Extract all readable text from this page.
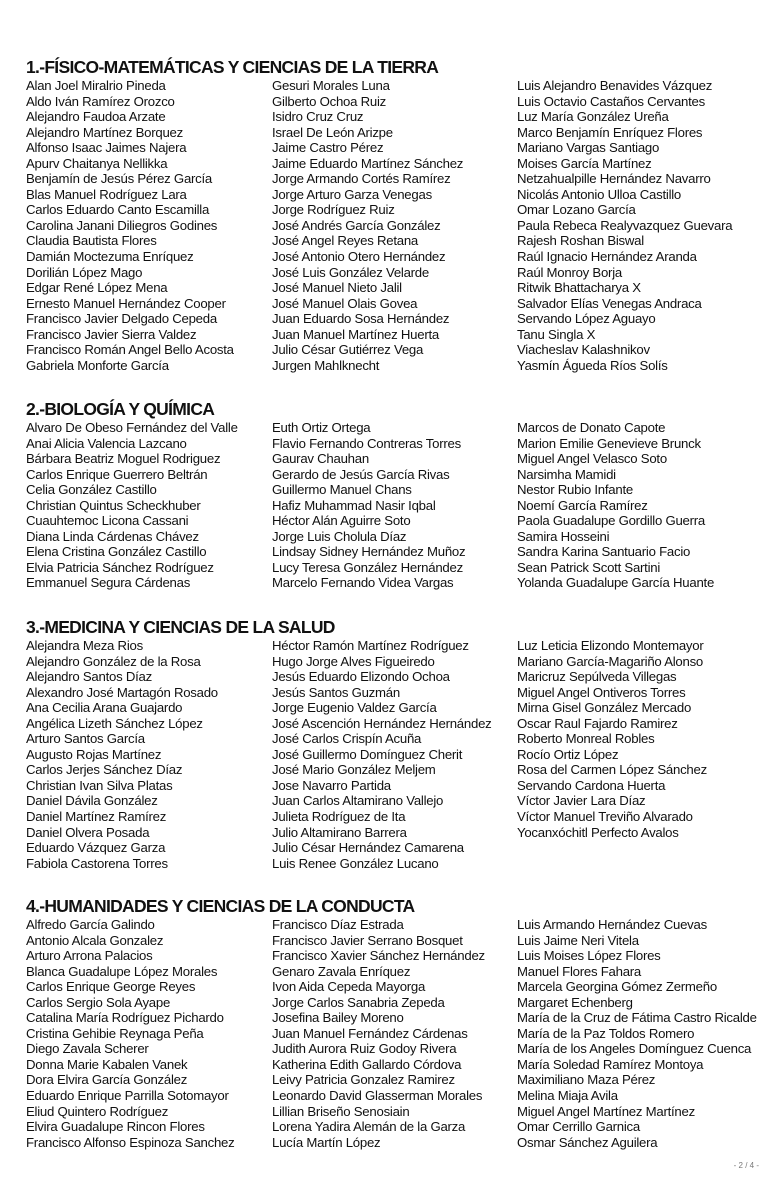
1.-FÍSICO-MATEMÁTICAS Y CIENCIAS DE LA TIERRA
Alan Joel Miralrio Pineda
Aldo Iván Ramírez Orozco
Alejandro Faudoa Arzate
Alejandro Martínez Borquez
Alfonso Isaac Jaimes Najera
Apurv Chaitanya Nellikka
Benjamín de Jesús Pérez García
Blas Manuel Rodríguez Lara
Carlos Eduardo Canto Escamilla
Carolina Janani Diliegros Godines
Claudia Bautista Flores
Damián Moctezuma Enríquez
Dorilián López Mago
Edgar René López Mena
Ernesto Manuel Hernández Cooper
Francisco Javier Delgado Cepeda
Francisco Javier Sierra Valdez
Francisco Román Angel Bello Acosta
Gabriela Monforte García
Gesuri Morales Luna
Gilberto Ochoa Ruiz
Isidro Cruz Cruz
Israel De León Arizpe
Jaime Castro Pérez
Jaime Eduardo Martínez Sánchez
Jorge Armando Cortés Ramírez
Jorge Arturo Garza Venegas
Jorge Rodríguez Ruiz
José Andrés García González
José Angel Reyes Retana
José Antonio Otero Hernández
José Luis González Velarde
José Manuel Nieto Jalil
José Manuel Olais Govea
Juan Eduardo Sosa Hernández
Juan Manuel Martínez Huerta
Julio César Gutiérrez Vega
Jurgen Mahlknecht
Luis Alejandro Benavides Vázquez
Luis Octavio Castaños Cervantes
Luz María González Ureña
Marco Benjamín Enríquez Flores
Mariano Vargas Santiago
Moises García Martínez
Netzahualpille Hernández Navarro
Nicolás Antonio Ulloa Castillo
Omar Lozano García
Paula Rebeca Realyvazquez Guevara
Rajesh Roshan Biswal
Raúl Ignacio Hernández Aranda
Raúl Monroy Borja
Ritwik Bhattacharya X
Salvador Elías Venegas Andraca
Servando López Aguayo
Tanu Singla X
Viacheslav Kalashnikov
Yasmín Águeda Ríos Solís
2.-BIOLOGÍA Y QUÍMICA
Alvaro De Obeso Fernández del Valle
Anai Alicia Valencia Lazcano
Bárbara Beatriz Moguel Rodriguez
Carlos Enrique Guerrero Beltrán
Celia González Castillo
Christian Quintus Scheckhuber
Cuauhtemoc Licona Cassani
Diana Linda Cárdenas Chávez
Elena Cristina González Castillo
Elvia Patricia Sánchez Rodríguez
Emmanuel Segura Cárdenas
Euth Ortiz Ortega
Flavio Fernando Contreras Torres
Gaurav Chauhan
Gerardo de Jesús García Rivas
Guillermo Manuel Chans
Hafiz Muhammad Nasir Iqbal
Héctor Alán Aguirre Soto
Jorge Luis Cholula Díaz
Lindsay Sidney Hernández Muñoz
Lucy Teresa González Hernández
Marcelo Fernando Videa Vargas
Marcos de Donato Capote
Marion Emilie Genevieve Brunck
Miguel Angel Velasco Soto
Narsimha Mamidi
Nestor Rubio Infante
Noemí García Ramírez
Paola Guadalupe Gordillo Guerra
Samira Hosseini
Sandra Karina Santuario Facio
Sean Patrick Scott Sartini
Yolanda Guadalupe García Huante
3.-MEDICINA Y CIENCIAS DE LA SALUD
Alejandra Meza Rios
Alejandro González de la Rosa
Alejandro Santos Díaz
Alexandro José Martagón Rosado
Ana Cecilia Arana Guajardo
Angélica Lizeth Sánchez López
Arturo Santos García
Augusto Rojas Martínez
Carlos Jerjes Sánchez Díaz
Christian Ivan Silva Platas
Daniel Dávila González
Daniel Martínez Ramírez
Daniel Olvera Posada
Eduardo Vázquez Garza
Fabiola Castorena Torres
Héctor Ramón Martínez Rodríguez
Hugo Jorge Alves Figueiredo
Jesús Eduardo Elizondo Ochoa
Jesús Santos Guzmán
Jorge Eugenio Valdez García
José Ascención Hernández Hernández
José Carlos Crispín Acuña
José Guillermo Domínguez Cherit
José Mario González Meljem
Jose Navarro Partida
Juan Carlos Altamirano Vallejo
Julieta Rodríguez de Ita
Julio Altamirano Barrera
Julio César Hernández Camarena
Luis Renee González Lucano
Luz Leticia Elizondo Montemayor
Mariano García-Magariño Alonso
Maricruz Sepúlveda Villegas
Miguel Angel Ontiveros Torres
Mirna Gisel González Mercado
Oscar Raul Fajardo Ramirez
Roberto Monreal Robles
Rocío Ortiz López
Rosa del Carmen López Sánchez
Servando Cardona Huerta
Víctor Javier Lara Díaz
Víctor Manuel Treviño Alvarado
Yocanxóchitl Perfecto Avalos
4.-HUMANIDADES Y CIENCIAS DE LA CONDUCTA
Alfredo García Galindo
Antonio Alcala Gonzalez
Arturo Arrona Palacios
Blanca Guadalupe López Morales
Carlos Enrique George Reyes
Carlos Sergio Sola Ayape
Catalina María Rodríguez Pichardo
Cristina Gehibie Reynaga Peña
Diego Zavala Scherer
Donna Marie Kabalen Vanek
Dora Elvira García González
Eduardo Enrique Parrilla Sotomayor
Eliud Quintero Rodríguez
Elvira Guadalupe Rincon Flores
Francisco Alfonso Espinoza Sanchez
Francisco Díaz Estrada
Francisco Javier Serrano Bosquet
Francisco Xavier Sánchez Hernández
Genaro Zavala Enríquez
Ivon Aida Cepeda Mayorga
Jorge Carlos Sanabria Zepeda
Josefina Bailey Moreno
Juan Manuel Fernández Cárdenas
Judith Aurora Ruiz Godoy Rivera
Katherina Edith Gallardo Córdova
Leivy Patricia Gonzalez Ramirez
Leonardo David Glasserman Morales
Lillian Briseño Senosiain
Lorena Yadira Alemán de la Garza
Lucía Martín López
Luis Armando Hernández Cuevas
Luis Jaime Neri Vitela
Luis Moises López Flores
Manuel Flores Fahara
Marcela Georgina Gómez Zermeño
Margaret Echenberg
María de la Cruz de Fátima Castro Ricalde
María de la Paz Toldos Romero
María de los Angeles Domínguez Cuenca
María Soledad Ramírez Montoya
Maximiliano Maza Pérez
Melina Miaja Avila
Miguel Angel Martínez Martínez
Omar Cerrillo Garnica
Osmar Sánchez Aguilera
- 2 / 4 -
